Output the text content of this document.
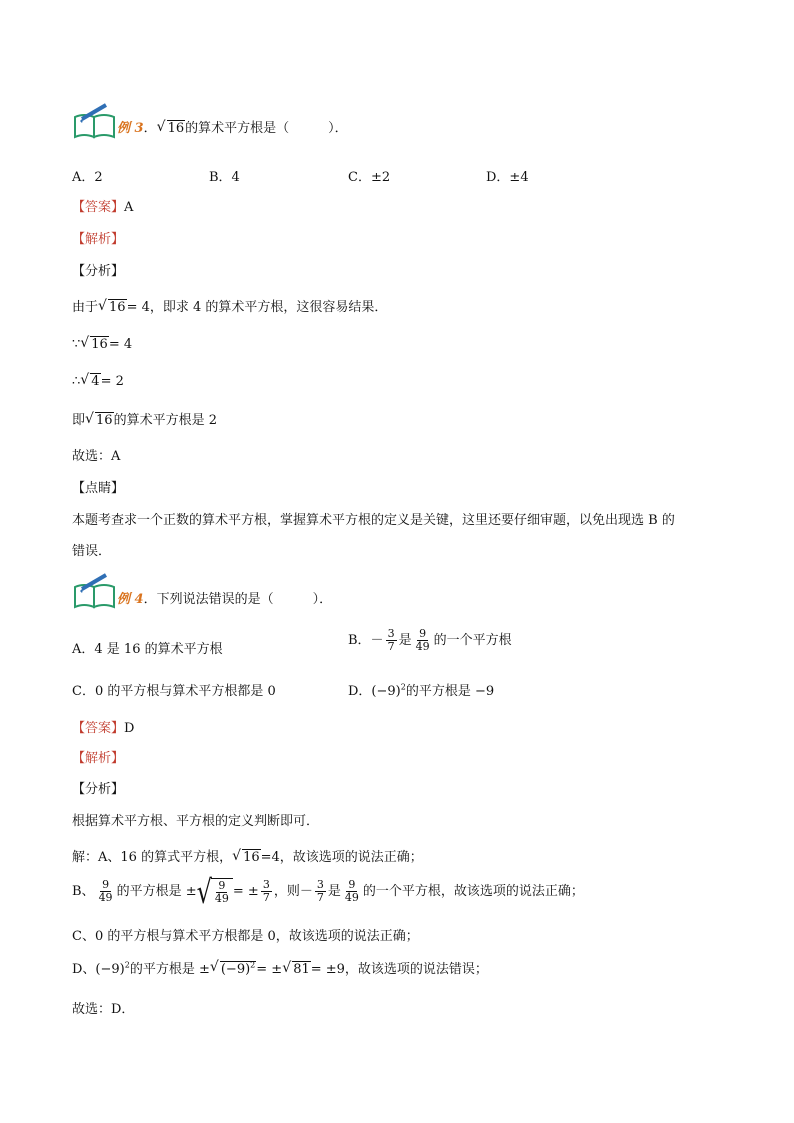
例 3． √ 16的算术平方根是（　　　）．
A．2	B．4	C．±2	D．±4
【答案】A
【解析】
【分析】
由于 √ 16= 4，即求 4 的算术平方根，这很容易结果．
∵ √ 16= 4
∴ √ 4= 2
即 √ 16的算术平方根是 2
故选：A
【点睛】
本题考查求一个正数的算术平方根，掌握算术平方根的定义是关键，这里还要仔细审题，以免出现选 B 的
错误．
例 4．下列说法错误的是（　　　）．
A．4 是 16 的算术平方根
B．－ $\frac{3}{7}$ 是 $\frac{9}{49}$ 的一个平方根
C．0 的平方根与算术平方根都是 0	D．$(-9)^2$的平方根是 −9
【答案】D
【解析】
【分析】
根据算术平方根、平方根的定义判断即可．
解：A、16 的算式平方根， √ 16=4，故该选项的说法正确；
B、 $\frac{9}{49}$ 的平方根是 ± √ $\frac{9}{49}$ = ± $\frac{3}{7}$ ，则－ $\frac{3}{7}$ 是 $\frac{9}{49}$ 的一个平方根，故该选项的说法正确；
C、0 的平方根与算术平方根都是 0，故该选项的说法正确；
D、$(-9)^2$的平方根是 ± √ $(-9)^2=$ ± √ 81= ±9，故该选项的说法错误；
故选：D．
